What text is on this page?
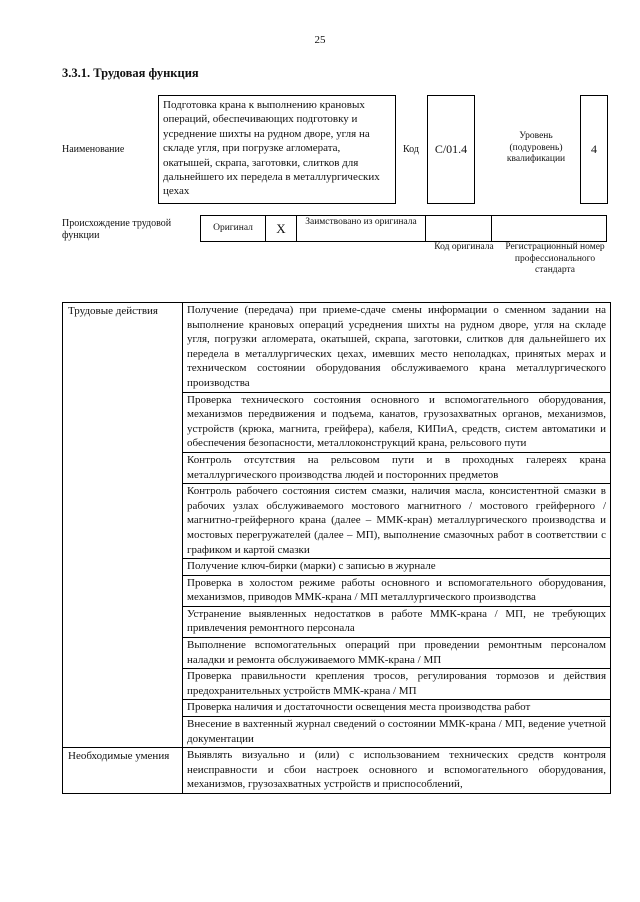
25
3.3.1. Трудовая функция
Наименование
Подготовка крана к выполнению крановых операций, обеспечивающих подготовку и усреднение шихты на рудном дворе, угля на складе угля, при погрузке агломерата, окатышей, скрапа, заготовки, слитков для дальнейшего их передела в металлургических цехах
Код C/01.4
Уровень (подуровень) квалификации
4
Происхождение трудовой функции
Оригинал	X	Заимствовано из оригинала		
Код оригинала	Регистрационный номер профессионального стандарта
Трудовые действия	Получение (передача) при приеме-сдаче смены информации о сменном задании на выполнение крановых операций усреднения шихты на рудном дворе, угля на складе угля, погрузки агломерата, окатышей, скрапа, заготовки, слитков для дальнейшего их передела в металлургических цехах, имевших место неполадках, принятых мерах и техническом состоянии оборудования обслуживаемого крана металлургического производства
	Проверка технического состояния основного и вспомогательного оборудования, механизмов передвижения и подъема, канатов, грузозахватных органов, механизмов, устройств (крюка, магнита, грейфера), кабеля, КИПиА, средств, систем автоматики и обеспечения безопасности, металлоконструкций крана, рельсового пути
	Контроль отсутствия на рельсовом пути и в проходных галереях крана металлургического производства людей и посторонних предметов
	Контроль рабочего состояния систем смазки, наличия масла, консистентной смазки в рабочих узлах обслуживаемого мостового магнитного / мостового грейферного / магнитно-грейферного крана (далее – ММК-кран) металлургического производства и мостовых перегружателей (далее – МП), выполнение смазочных работ в соответствии с графиком и картой смазки
	Получение ключ-бирки (марки) с записью в журнале
	Проверка в холостом режиме работы основного и вспомогательного оборудования, механизмов, приводов ММК-крана / МП металлургического производства
	Устранение выявленных недостатков в работе ММК-крана / МП, не требующих привлечения ремонтного персонала
	Выполнение вспомогательных операций при проведении ремонтным персоналом наладки и ремонта обслуживаемого ММК-крана / МП
	Проверка правильности крепления тросов, регулирования тормозов и действия предохранительных устройств ММК-крана / МП
	Проверка наличия и достаточности освещения места производства работ
	Внесение в вахтенный журнал сведений о состоянии ММК-крана / МП, ведение учетной документации
Необходимые умения	Выявлять визуально и (или) с использованием технических средств контроля неисправности и сбои настроек основного и вспомогательного оборудования, механизмов, грузозахватных устройств и приспособлений,
